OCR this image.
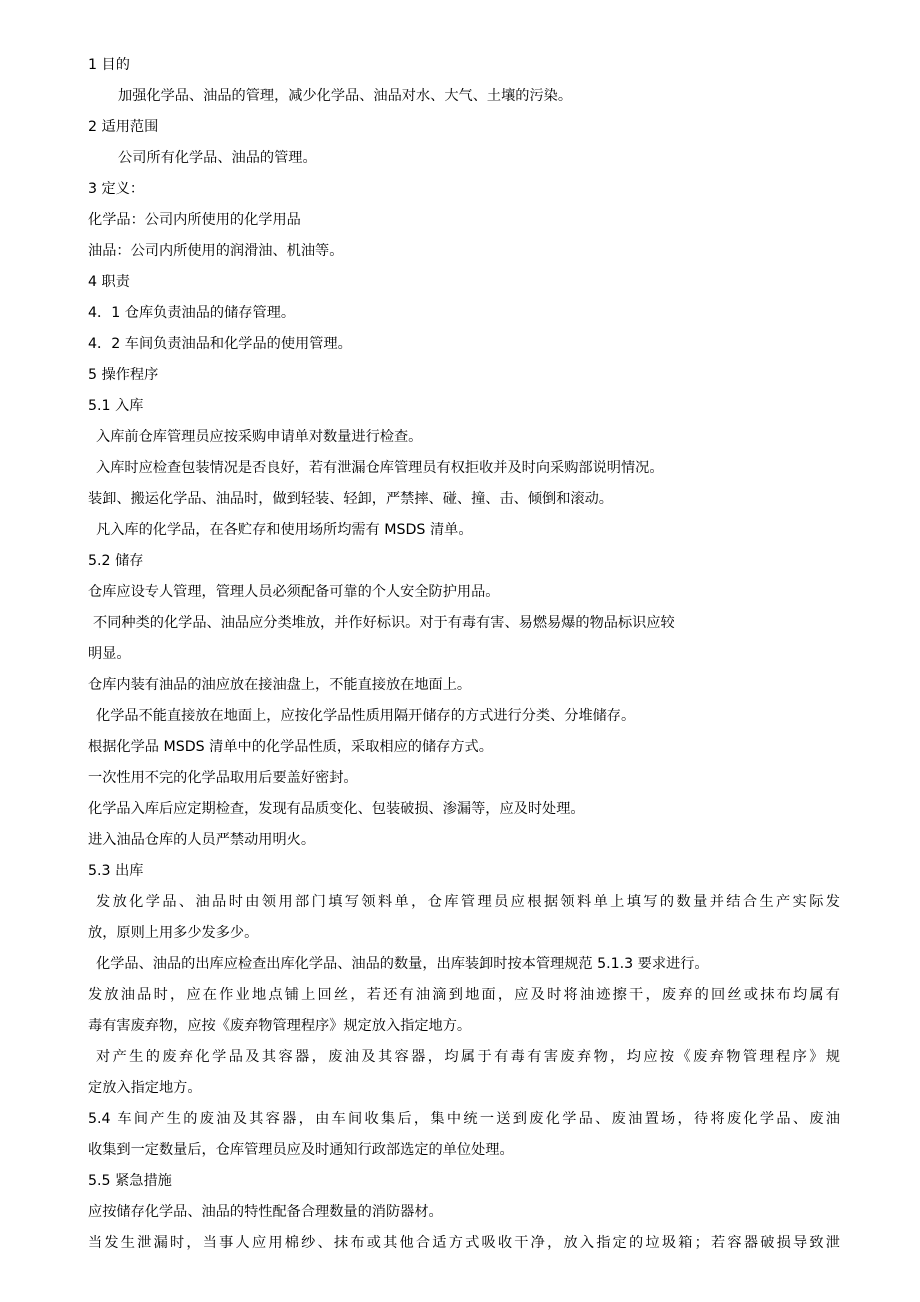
1 目的
加强化学品、油品的管理，减少化学品、油品对水、大气、土壤的污染。
2 适用范围
公司所有化学品、油品的管理。
3 定义：
化学品：公司内所使用的化学用品
油品：公司内所使用的润滑油、机油等。
4 职责
4．1 仓库负责油品的储存管理。
4．2 车间负责油品和化学品的使用管理。
5 操作程序
5.1 入库
入库前仓库管理员应按采购申请单对数量进行检查。
入库时应检查包装情况是否良好，若有泄漏仓库管理员有权拒收并及时向采购部说明情况。
装卸、搬运化学品、油品时，做到轻装、轻卸，严禁摔、碰、撞、击、倾倒和滚动。
凡入库的化学品，在各贮存和使用场所均需有 MSDS 清单。
5.2 储存
仓库应设专人管理，管理人员必须配备可靠的个人安全防护用品。
不同种类的化学品、油品应分类堆放，并作好标识。对于有毒有害、易燃易爆的物品标识应较
明显。
仓库内装有油品的油应放在接油盘上，不能直接放在地面上。
化学品不能直接放在地面上，应按化学品性质用隔开储存的方式进行分类、分堆储存。
根据化学品 MSDS 清单中的化学品性质，采取相应的储存方式。
一次性用不完的化学品取用后要盖好密封。
化学品入库后应定期检查，发现有品质变化、包装破损、渗漏等，应及时处理。
进入油品仓库的人员严禁动用明火。
5.3 出库
发放化学品、油品时由领用部门填写领料单，仓库管理员应根据领料单上填写的数量并结合生产实际发
放，原则上用多少发多少。
化学品、油品的出库应检查出库化学品、油品的数量，出库装卸时按本管理规范 5.1.3 要求进行。
发放油品时，应在作业地点铺上回丝，若还有油滴到地面，应及时将油迹擦干，废弃的回丝或抹布均属有
毒有害废弃物，应按《废弃物管理程序》规定放入指定地方。
对产生的废弃化学品及其容器，废油及其容器，均属于有毒有害废弃物，均应按《废弃物管理程序》规
定放入指定地方。
5.4 车间产生的废油及其容器，由车间收集后，集中统一送到废化学品、废油置场，待将废化学品、废油
收集到一定数量后，仓库管理员应及时通知行政部选定的单位处理。
5.5 紧急措施
应按储存化学品、油品的特性配备合理数量的消防器材。
当发生泄漏时，当事人应用棉纱、抹布或其他合适方式吸收干净，放入指定的垃圾箱；若容器破损导致泄
